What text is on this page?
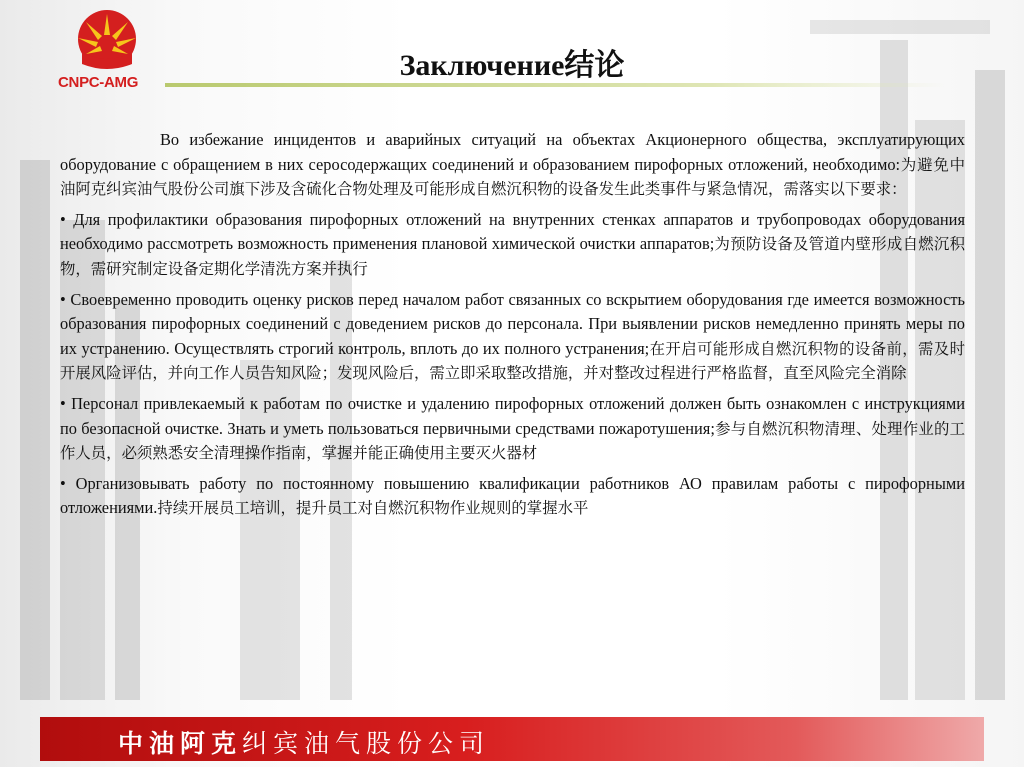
CNPC-AMG
Заключение结论

Во избежание инцидентов и аварийных ситуаций на объектах Акционерного общества, эксплуатирующих оборудование с обращением в них серосодержащих соединений и образованием пирофорных отложений, необходимо:为避免中油阿克纠宾油气股份公司旗下涉及含硫化合物处理及可能形成自燃沉积物的设备发生此类事件与紧急情况，需落实以下要求：

• Для профилактики образования пирофорных отложений на внутренних стенках аппаратов и трубопроводах оборудования необходимо рассмотреть возможность применения плановой химической очистки аппаратов;为预防设备及管道内壁形成自燃沉积物，需研究制定设备定期化学清洗方案并执行

• Своевременно проводить оценку рисков перед началом работ связанных со вскрытием оборудования где имеется возможность образования пирофорных соединений с доведением рисков до персонала. При выявлении рисков немедленно принять меры по их устранению. Осуществлять строгий контроль, вплоть до их полного устранения;在开启可能形成自燃沉积物的设备前，需及时开展风险评估，并向工作人员告知风险；发现风险后，需立即采取整改措施，并对整改过程进行严格监督，直至风险完全消除

• Персонал привлекаемый к работам по очистке и удалению пирофорных отложений должен быть ознакомлен с инструкциями по безопасной очистке. Знать и уметь пользоваться первичными средствами пожаротушения;参与自燃沉积物清理、处理作业的工作人员，必须熟悉安全清理操作指南，掌握并能正确使用主要灭火器材

• Организовывать работу по постоянному повышению квалификации работников АО правилам работы с пирофорными отложениями.持续开展员工培训，提升员工对自燃沉积物作业规则的掌握水平

中油阿克纠宾油气股份公司
